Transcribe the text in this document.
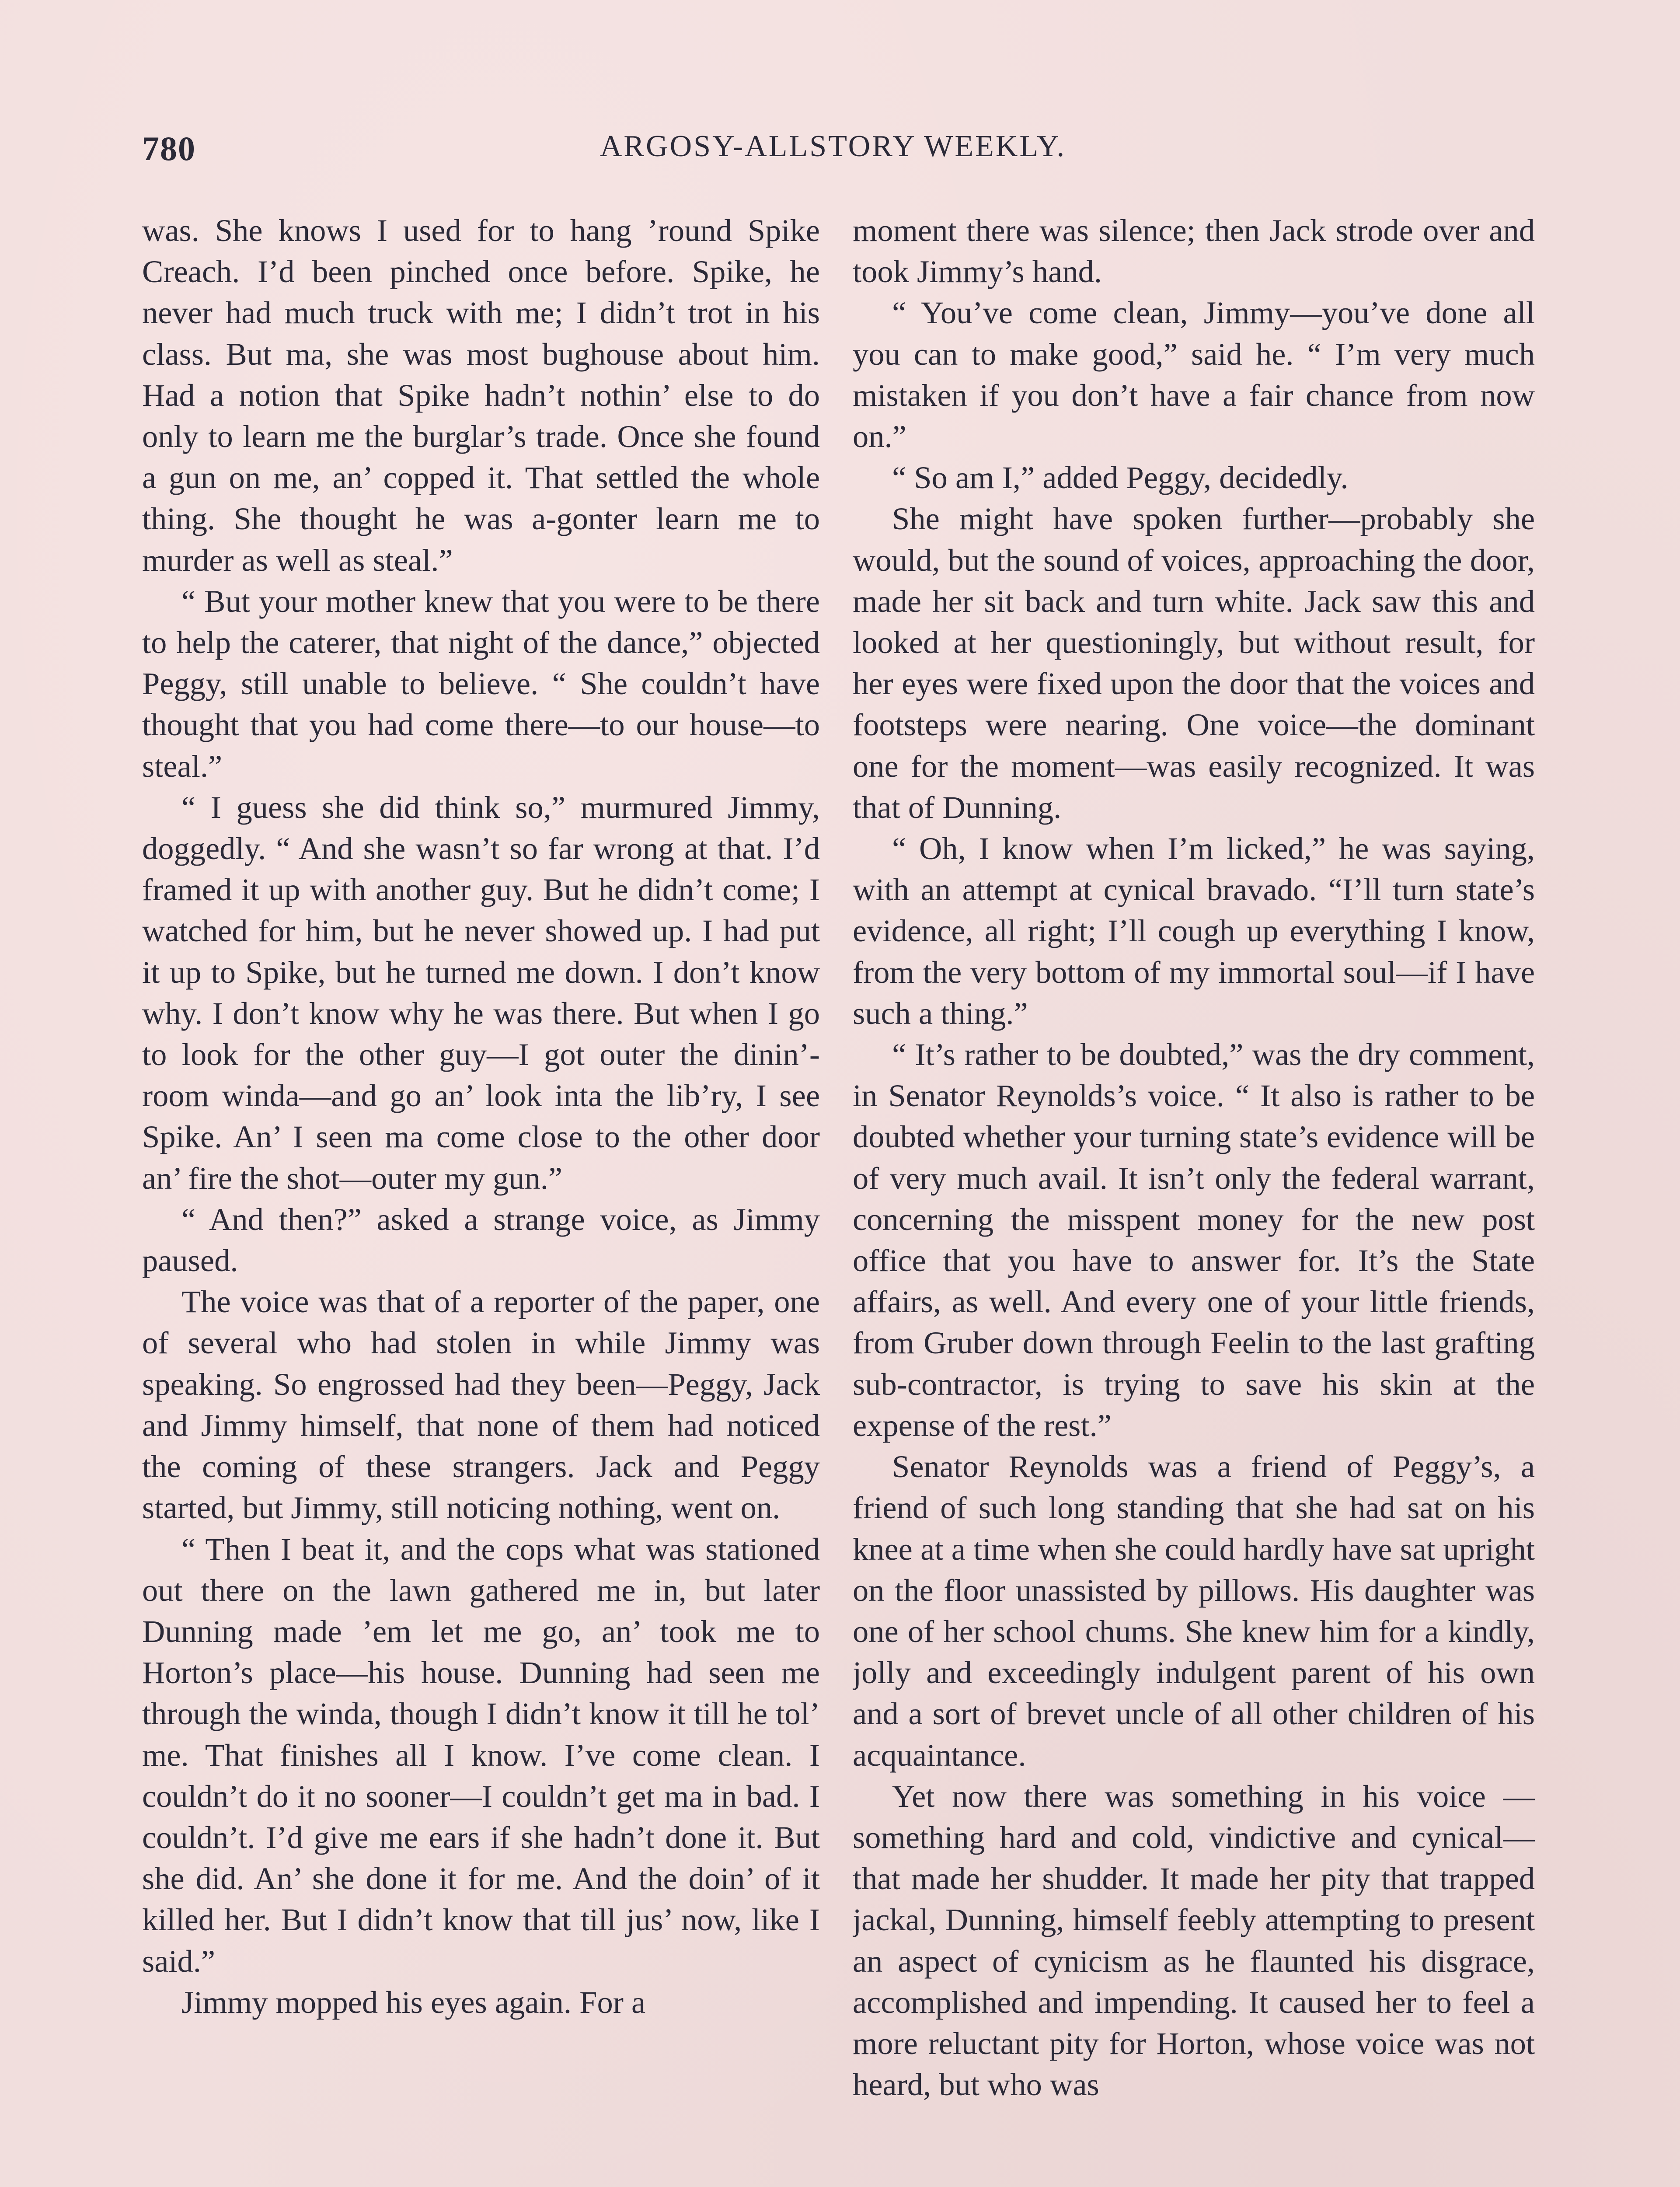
780	ARGOSY-ALLSTORY WEEKLY.

was. She knows I used for to hang ’round Spike Creach. I’d been pinched once before. Spike, he never had much truck with me; I didn’t trot in his class. But ma, she was most bughouse about him. Had a notion that Spike hadn’t nothin’ else to do only to learn me the burglar’s trade. Once she found a gun on me, an’ copped it. That settled the whole thing. She thought he was a-gonter learn me to murder as well as steal.”

“ But your mother knew that you were to be there to help the caterer, that night of the dance,” objected Peggy, still unable to believe. “ She couldn’t have thought that you had come there—to our house—to steal.”

“ I guess she did think so,” murmured Jimmy, doggedly. “ And she wasn’t so far wrong at that. I’d framed it up with another guy. But he didn’t come; I watched for him, but he never showed up. I had put it up to Spike, but he turned me down. I don’t know why. I don’t know why he was there. But when I go to look for the other guy—I got outer the dinin’-room winda—and go an’ look inta the lib’ry, I see Spike. An’ I seen ma come close to the other door an’ fire the shot—outer my gun.”

“ And then?” asked a strange voice, as Jimmy paused.

The voice was that of a reporter of the paper, one of several who had stolen in while Jimmy was speaking. So engrossed had they been—Peggy, Jack and Jimmy himself, that none of them had noticed the coming of these strangers. Jack and Peggy started, but Jimmy, still noticing nothing, went on.

“ Then I beat it, and the cops what was stationed out there on the lawn gathered me in, but later Dunning made ’em let me go, an’ took me to Horton’s place—his house. Dunning had seen me through the winda, though I didn’t know it till he tol’ me. That finishes all I know. I’ve come clean. I couldn’t do it no sooner—I couldn’t get ma in bad. I couldn’t. I’d give me ears if she hadn’t done it. But she did. An’ she done it for me. And the doin’ of it killed her. But I didn’t know that till jus’ now, like I said.”

Jimmy mopped his eyes again. For a

moment there was silence; then Jack strode over and took Jimmy’s hand.

“ You’ve come clean, Jimmy—you’ve done all you can to make good,” said he. “ I’m very much mistaken if you don’t have a fair chance from now on.”

“ So am I,” added Peggy, decidedly.

She might have spoken further—probably she would, but the sound of voices, approaching the door, made her sit back and turn white. Jack saw this and looked at her questioningly, but without result, for her eyes were fixed upon the door that the voices and footsteps were nearing. One voice—the dominant one for the moment—was easily recognized. It was that of Dunning.

“ Oh, I know when I’m licked,” he was saying, with an attempt at cynical bravado. “I’ll turn state’s evidence, all right; I’ll cough up everything I know, from the very bottom of my immortal soul—if I have such a thing.”

“ It’s rather to be doubted,” was the dry comment, in Senator Reynolds’s voice. “ It also is rather to be doubted whether your turning state’s evidence will be of very much avail. It isn’t only the federal warrant, concerning the misspent money for the new post office that you have to answer for. It’s the State affairs, as well. And every one of your little friends, from Gruber down through Feelin to the last grafting sub-contractor, is trying to save his skin at the expense of the rest.”

Senator Reynolds was a friend of Peggy’s, a friend of such long standing that she had sat on his knee at a time when she could hardly have sat upright on the floor unassisted by pillows. His daughter was one of her school chums. She knew him for a kindly, jolly and exceedingly indulgent parent of his own and a sort of brevet uncle of all other children of his acquaintance.

Yet now there was something in his voice —something hard and cold, vindictive and cynical—that made her shudder. It made her pity that trapped jackal, Dunning, himself feebly attempting to present an aspect of cynicism as he flaunted his disgrace, accomplished and impending. It caused her to feel a more reluctant pity for Horton, whose voice was not heard, but who was
